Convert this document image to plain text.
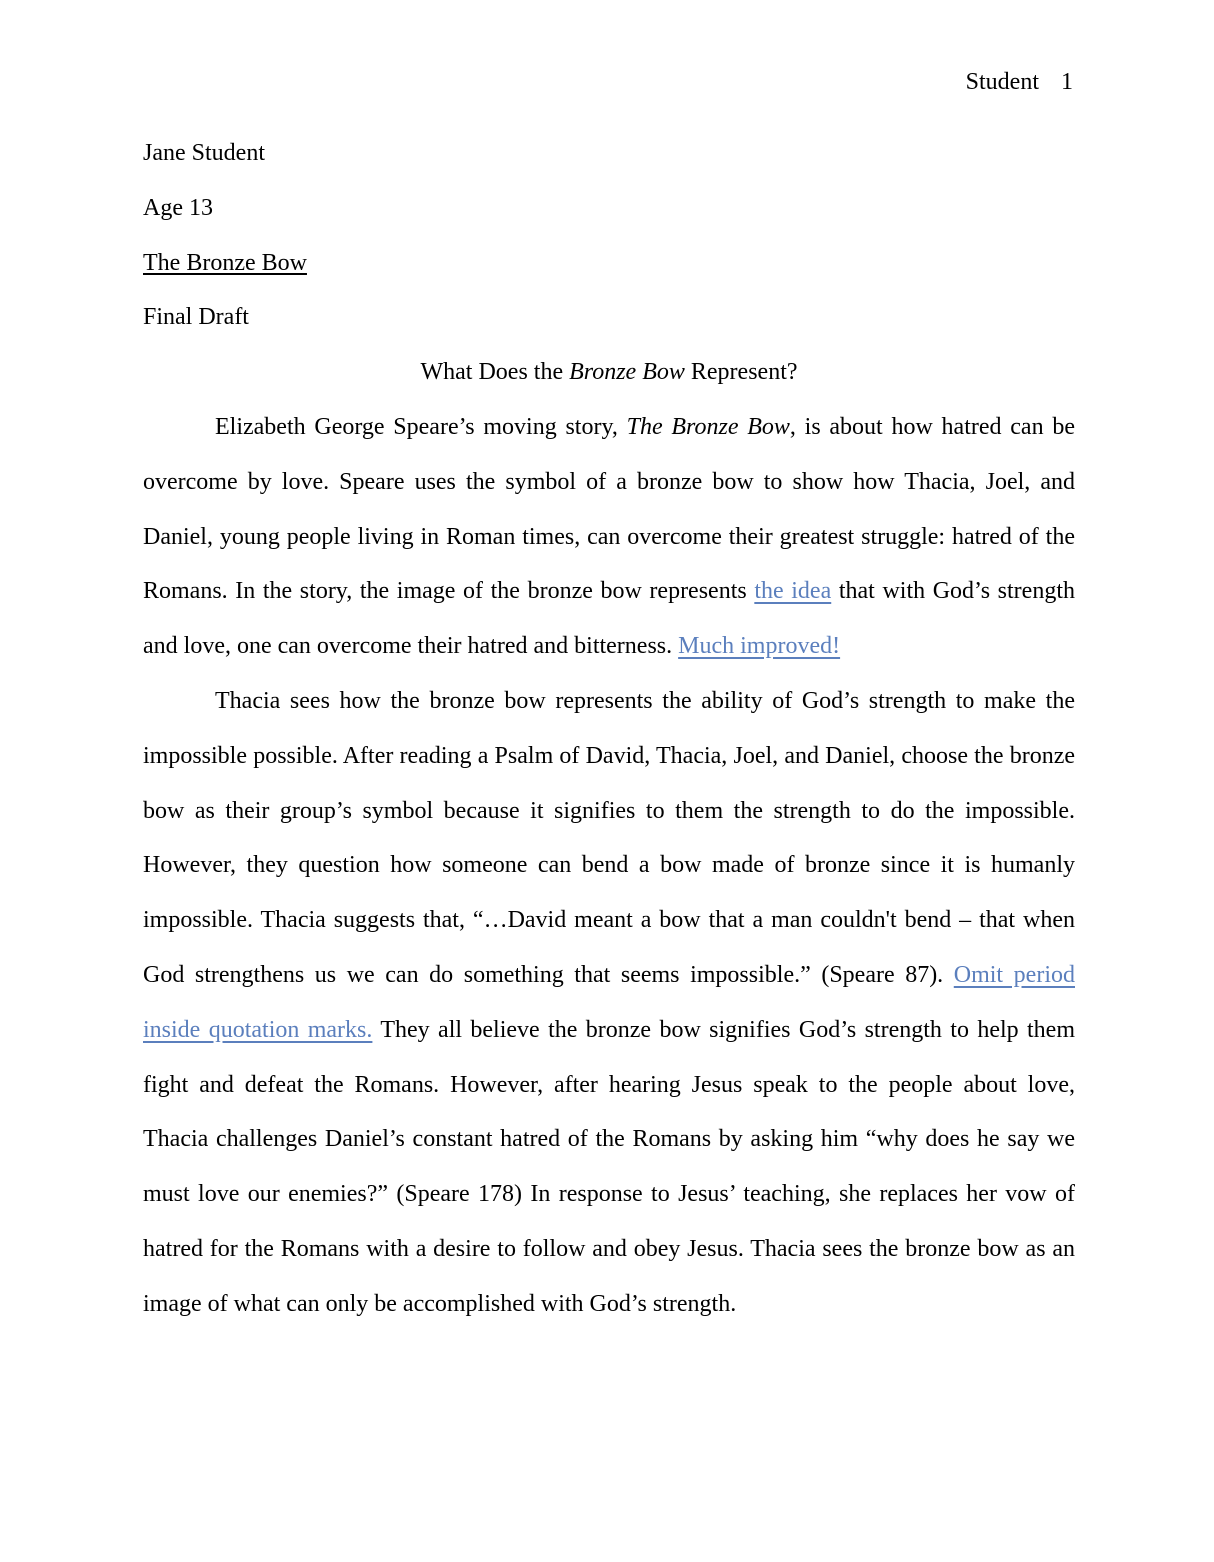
Student 1
Jane Student
Age 13
The Bronze Bow
Final Draft
What Does the Bronze Bow Represent?
Elizabeth George Speare’s moving story, The Bronze Bow, is about how hatred can be overcome by love. Speare uses the symbol of a bronze bow to show how Thacia, Joel, and Daniel, young people living in Roman times, can overcome their greatest struggle: hatred of the Romans. In the story, the image of the bronze bow represents the idea that with God’s strength and love, one can overcome their hatred and bitterness. Much improved!
Thacia sees how the bronze bow represents the ability of God’s strength to make the impossible possible. After reading a Psalm of David, Thacia, Joel, and Daniel, choose the bronze bow as their group’s symbol because it signifies to them the strength to do the impossible. However, they question how someone can bend a bow made of bronze since it is humanly impossible. Thacia suggests that, “…David meant a bow that a man couldn't bend – that when God strengthens us we can do something that seems impossible.” (Speare 87). Omit period inside quotation marks. They all believe the bronze bow signifies God’s strength to help them fight and defeat the Romans. However, after hearing Jesus speak to the people about love, Thacia challenges Daniel’s constant hatred of the Romans by asking him “why does he say we must love our enemies?” (Speare 178) In response to Jesus’ teaching, she replaces her vow of hatred for the Romans with a desire to follow and obey Jesus. Thacia sees the bronze bow as an image of what can only be accomplished with God’s strength.
